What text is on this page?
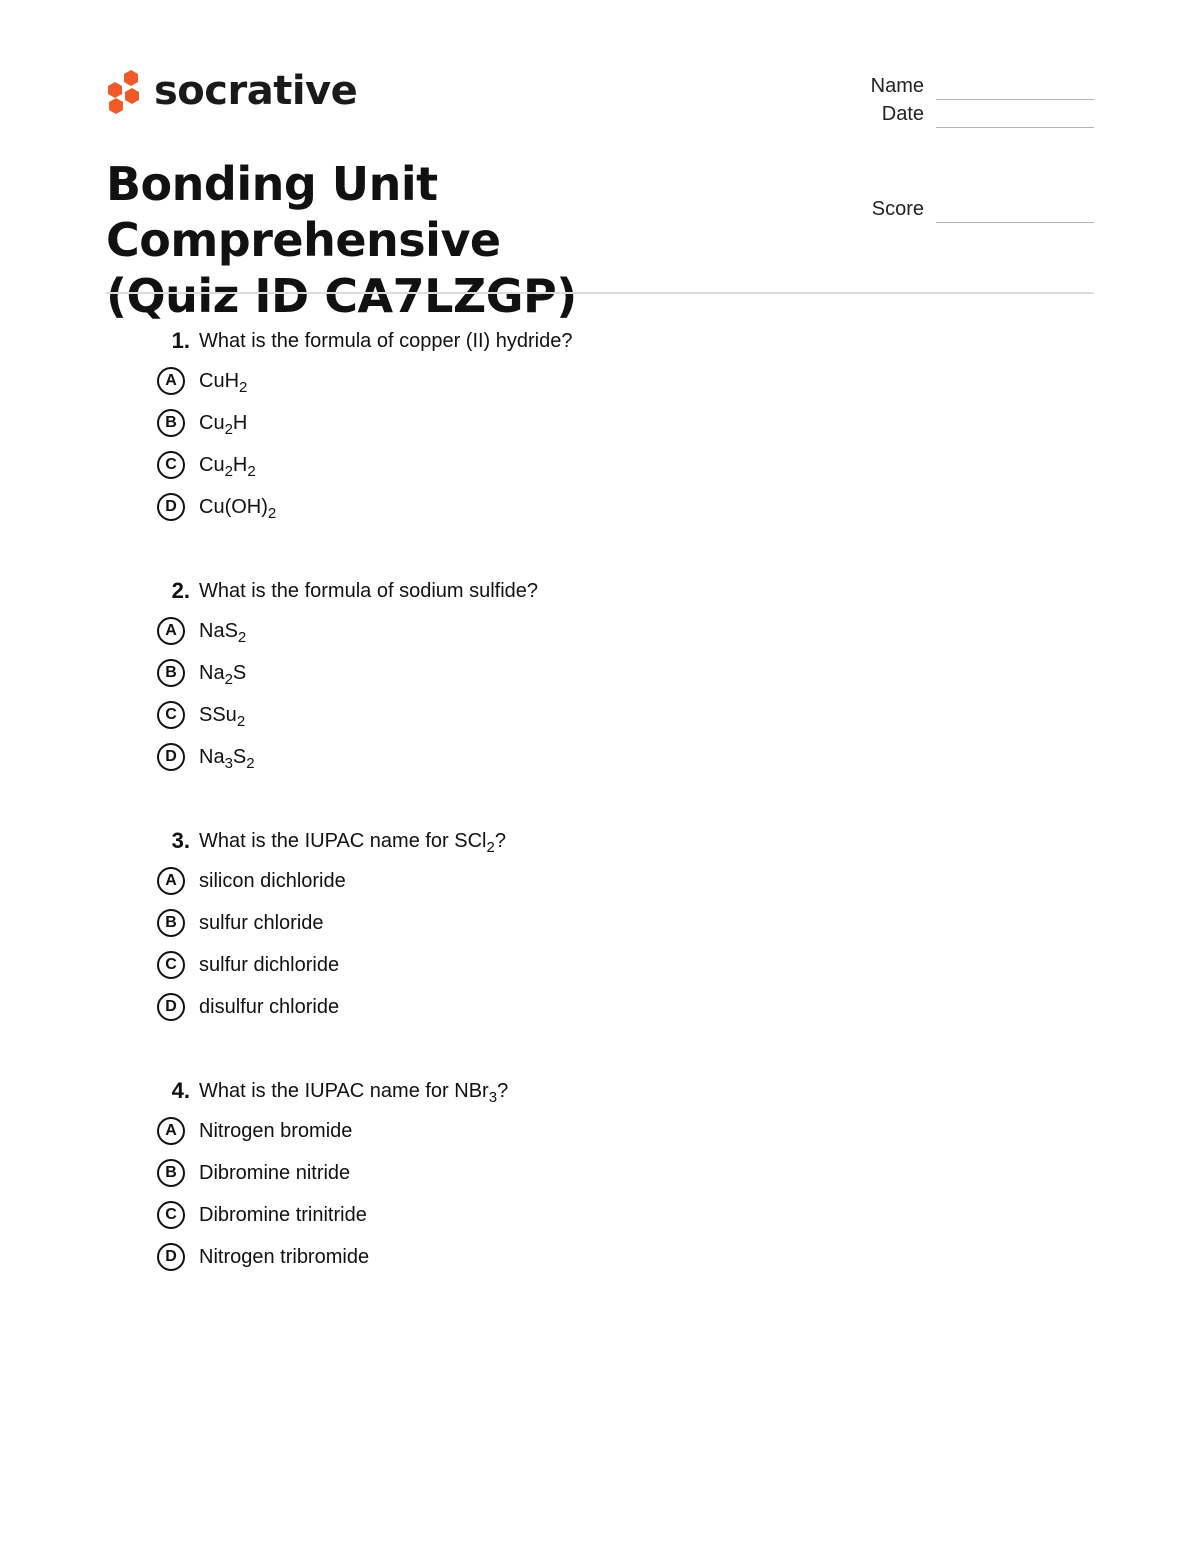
socrative
Bonding Unit Comprehensive
(Quiz ID CA7LZGP)
Name
Date
Score
1. What is the formula of copper (II) hydride?
A	CuH$_2$
B	$Cu_2H$
C	$Cu_2H_2$
D	$Cu(OH)_2$
2. What is the formula of sodium sulfide?
A	NaS$_2$
B	$Na_2S$
C	SSu$_2$
D	$Na_3S_2$
3. What is the IUPAC name for SCl$_2$?
A	silicon dichloride
B	sulfur chloride
C	sulfur dichloride
D	disulfur chloride
4. What is the IUPAC name for NBr$_3$?
A	Nitrogen bromide
B	Dibromine nitride
C	Dibromine trinitride
D	Nitrogen tribromide
